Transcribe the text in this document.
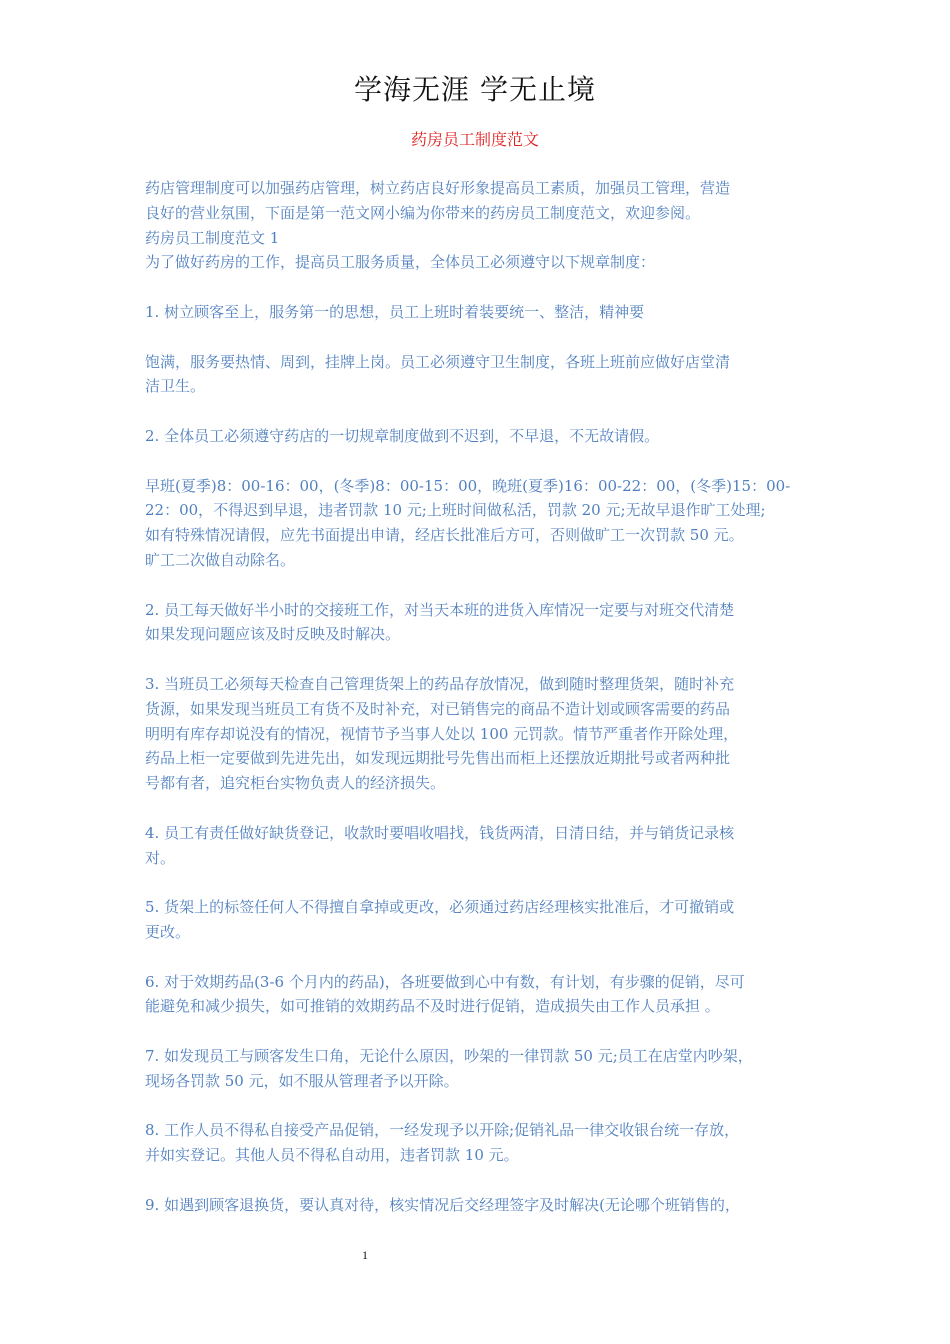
学海无涯 学无止境
药房员工制度范文

药店管理制度可以加强药店管理，树立药店良好形象提高员工素质，加强员工管理，营造

良好的营业氛围，下面是第一范文网小编为你带来的药房员工制度范文，欢迎参阅。

药房员工制度范文 1

为了做好药房的工作，提高员工服务质量，全体员工必须遵守以下规章制度：

1. 树立顾客至上，服务第一的思想，员工上班时着装要统一、整洁，精神要

饱满，服务要热情、周到，挂牌上岗。员工必须遵守卫生制度，各班上班前应做好店堂清

洁卫生。

2. 全体员工必须遵守药店的一切规章制度做到不迟到，不早退，不无故请假。

早班(夏季)8：00-16：00，(冬季)8：00-15：00，晚班(夏季)16：00-22：00，(冬季)15：00-

22：00，不得迟到早退，违者罚款 10 元;上班时间做私活，罚款 20 元;无故早退作旷工处理;

如有特殊情况请假，应先书面提出申请，经店长批准后方可，否则做旷工一次罚款 50 元。

旷工二次做自动除名。

2. 员工每天做好半小时的交接班工作，对当天本班的进货入库情况一定要与对班交代清楚

如果发现问题应该及时反映及时解决。

3. 当班员工必须每天检查自己管理货架上的药品存放情况，做到随时整理货架，随时补充

货源，如果发现当班员工有货不及时补充，对已销售完的商品不造计划或顾客需要的药品

明明有库存却说没有的情况，视情节予当事人处以 100 元罚款。情节严重者作开除处理，

药品上柜一定要做到先进先出，如发现远期批号先售出而柜上还摆放近期批号或者两种批

号都有者，追究柜台实物负责人的经济损失。

4. 员工有责任做好缺货登记，收款时要唱收唱找，钱货两清，日清日结，并与销货记录核

对。

5. 货架上的标签任何人不得擅自拿掉或更改，必须通过药店经理核实批准后，才可撤销或

更改。

6. 对于效期药品(3-6 个月内的药品)，各班要做到心中有数，有计划，有步骤的促销，尽可

能避免和减少损失，如可推销的效期药品不及时进行促销，造成损失由工作人员承担 。

7. 如发现员工与顾客发生口角，无论什么原因，吵架的一律罚款 50 元;员工在店堂内吵架，

现场各罚款 50 元，如不服从管理者予以开除。

8. 工作人员不得私自接受产品促销，一经发现予以开除;促销礼品一律交收银台统一存放，

并如实登记。其他人员不得私自动用，违者罚款 10 元。

9. 如遇到顾客退换货，要认真对待，核实情况后交经理签字及时解决(无论哪个班销售的，

1
